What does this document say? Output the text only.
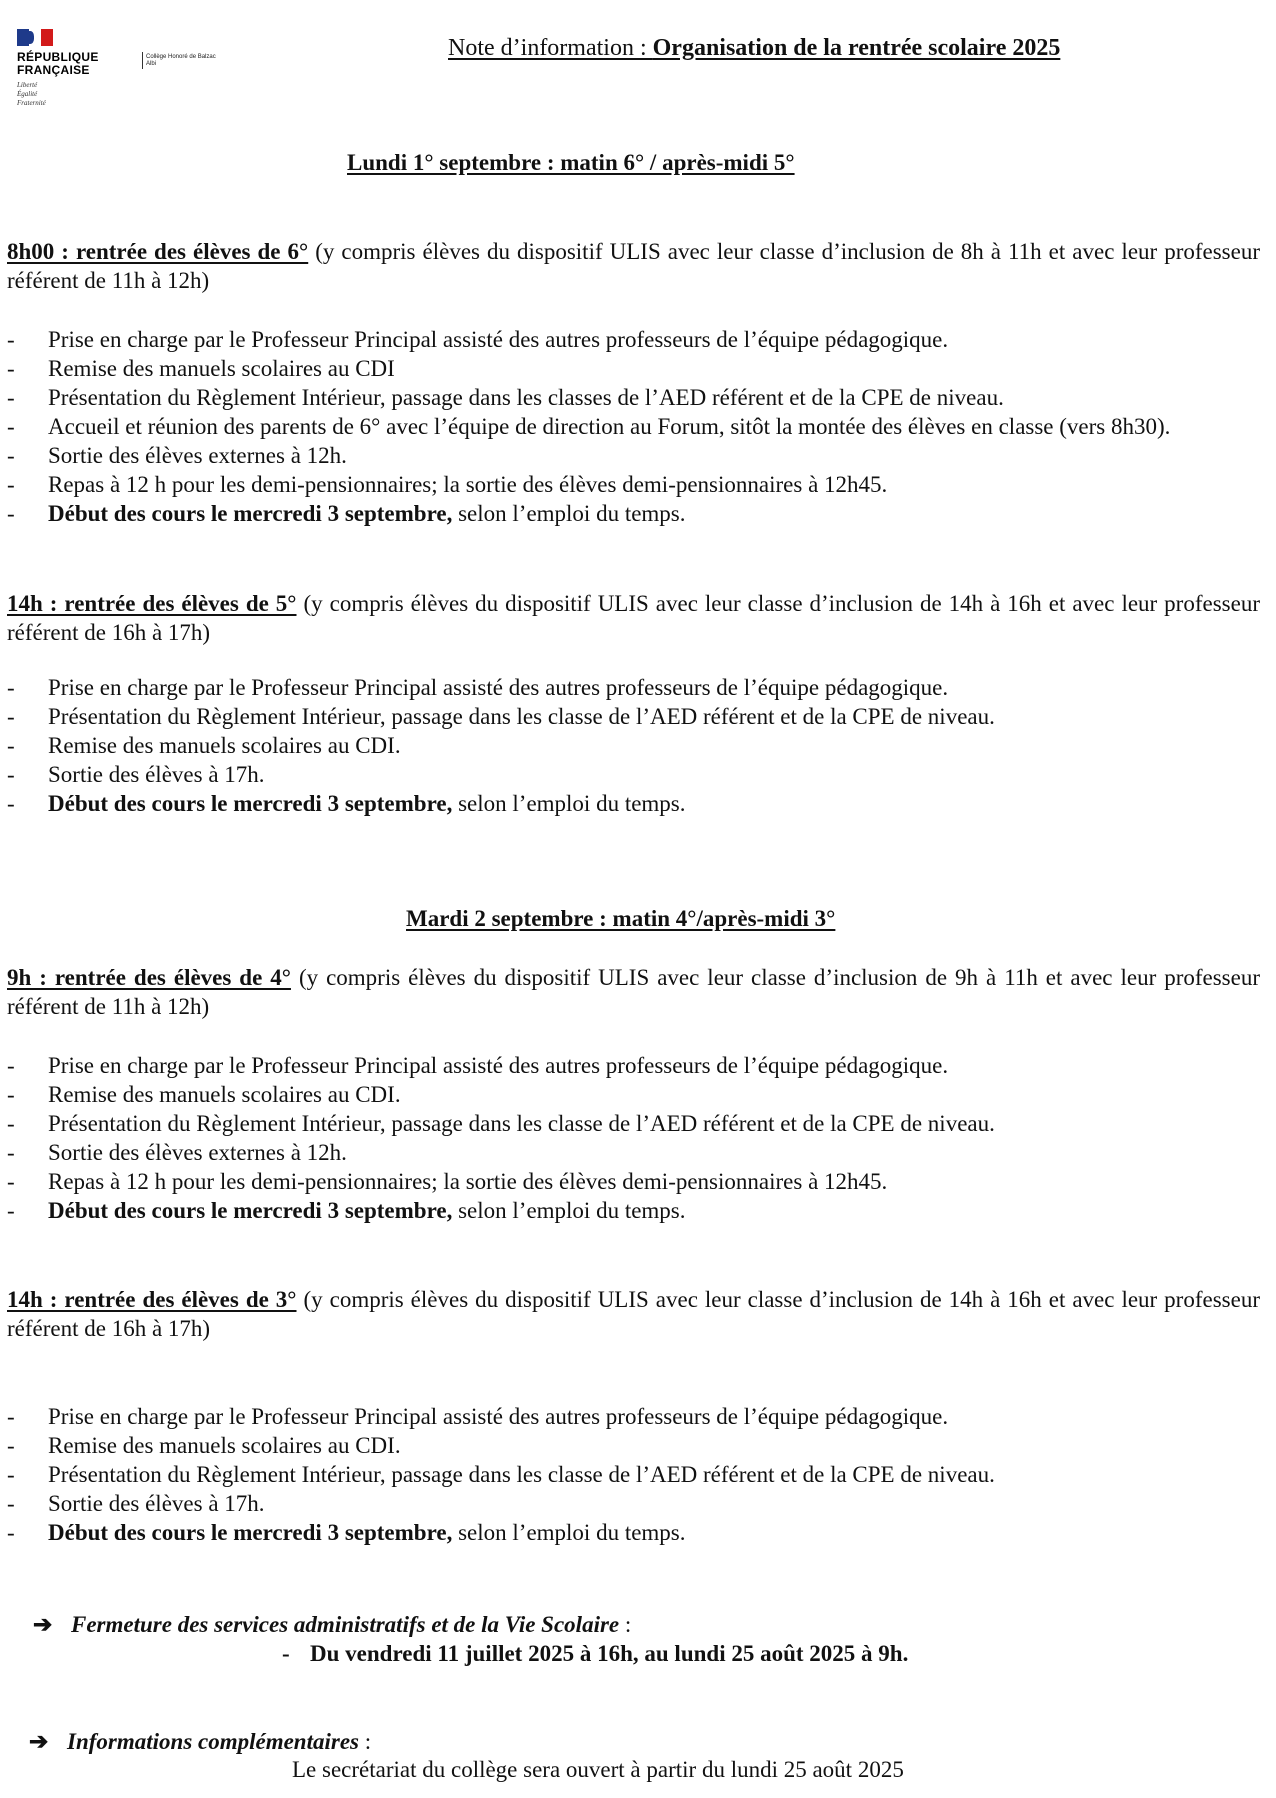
RÉPUBLIQUE
FRANÇAISE
Liberté
Égalité
Fraternité
Collège Honoré de Balzac
Albi
Note d’information : Organisation de la rentrée scolaire 2025
Lundi 1° septembre : matin 6° / après-midi 5°
8h00 : rentrée des élèves de 6° (y compris élèves du dispositif ULIS avec leur classe d’inclusion de 8h à 11h et avec leur professeur référent de 11h à 12h)
- Prise en charge par le Professeur Principal assisté des autres professeurs de l’équipe pédagogique.
- Remise des manuels scolaires au CDI
- Présentation du Règlement Intérieur, passage dans les classes de l’AED référent et de la CPE de niveau.
- Accueil et réunion des parents de 6° avec l’équipe de direction au Forum, sitôt la montée des élèves en classe (vers 8h30).
- Sortie des élèves externes à 12h.
- Repas à 12 h pour les demi-pensionnaires; la sortie des élèves demi-pensionnaires à 12h45.
- Début des cours le mercredi 3 septembre, selon l’emploi du temps.
14h : rentrée des élèves de 5° (y compris élèves du dispositif ULIS avec leur classe d’inclusion de 14h à 16h et avec leur professeur référent de 16h à 17h)
- Prise en charge par le Professeur Principal assisté des autres professeurs de l’équipe pédagogique.
- Présentation du Règlement Intérieur, passage dans les classe de l’AED référent et de la CPE de niveau.
- Remise des manuels scolaires au CDI.
- Sortie des élèves à 17h.
- Début des cours le mercredi 3 septembre, selon l’emploi du temps.
Mardi 2 septembre : matin 4°/après-midi 3°
9h : rentrée des élèves de 4° (y compris élèves du dispositif ULIS avec leur classe d’inclusion de 9h à 11h et avec leur professeur référent de 11h à 12h)
- Prise en charge par le Professeur Principal assisté des autres professeurs de l’équipe pédagogique.
- Remise des manuels scolaires au CDI.
- Présentation du Règlement Intérieur, passage dans les classe de l’AED référent et de la CPE de niveau.
- Sortie des élèves externes à 12h.
- Repas à 12 h pour les demi-pensionnaires; la sortie des élèves demi-pensionnaires à 12h45.
- Début des cours le mercredi 3 septembre, selon l’emploi du temps.
14h : rentrée des élèves de 3° (y compris élèves du dispositif ULIS avec leur classe d’inclusion de 14h à 16h et avec leur professeur référent de 16h à 17h)
- Prise en charge par le Professeur Principal assisté des autres professeurs de l’équipe pédagogique.
- Remise des manuels scolaires au CDI.
- Présentation du Règlement Intérieur, passage dans les classe de l’AED référent et de la CPE de niveau.
- Sortie des élèves à 17h.
- Début des cours le mercredi 3 septembre, selon l’emploi du temps.
➔ Fermeture des services administratifs et de la Vie Scolaire :
- Du vendredi 11 juillet 2025 à 16h, au lundi 25 août 2025 à 9h.
➔ Informations complémentaires :
Le secrétariat du collège sera ouvert à partir du lundi 25 août 2025
